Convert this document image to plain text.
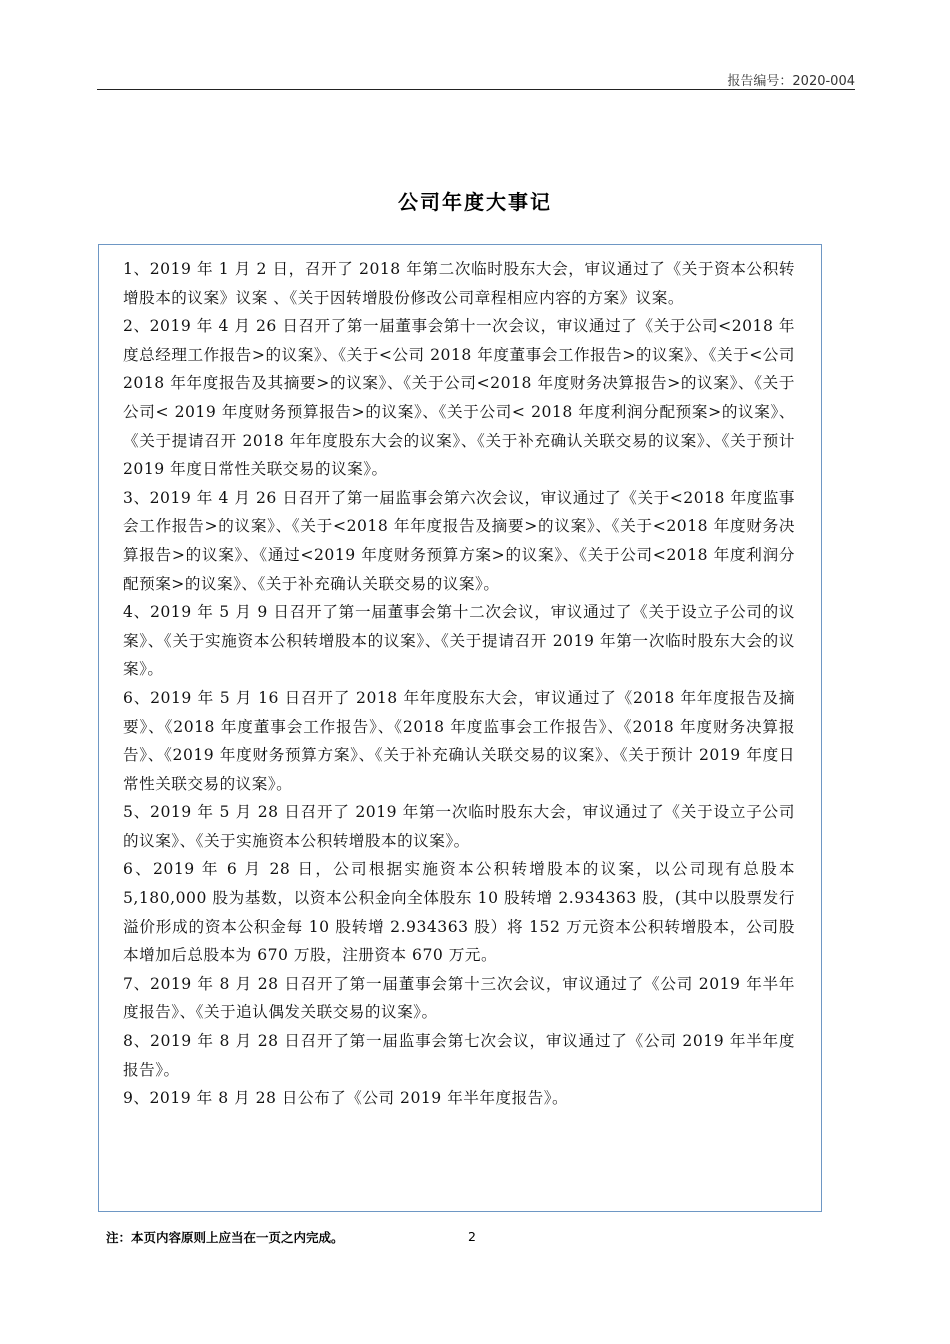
报告编号：2020-004
公司年度大事记

1、2019 年 1 月 2 日，召开了 2018 年第二次临时股东大会，审议通过了《关于资本公积转增股本的议案》议案 、《关于因转增股份修改公司章程相应内容的方案》议案。

2、2019 年 4 月 26 日召开了第一届董事会第十一次会议，审议通过了《关于公司<2018 年度总经理工作报告>的议案》、《关于<公司 2018 年度董事会工作报告>的议案》、《关于<公司 2018 年年度报告及其摘要>的议案》、《关于公司<2018 年度财务决算报告>的议案》、《关于公司< 2019 年度财务预算报告>的议案》、《关于公司< 2018 年度利润分配预案>的议案》、《关于提请召开 2018 年年度股东大会的议案》、《关于补充确认关联交易的议案》、《关于预计 2019 年度日常性关联交易的议案》。

3、2019 年 4 月 26 日召开了第一届监事会第六次会议，审议通过了《关于<2018 年度监事会工作报告>的议案》、《关于<2018 年年度报告及摘要>的议案》、《关于<2018 年度财务决算报告>的议案》、《通过<2019 年度财务预算方案>的议案》、《关于公司<2018 年度利润分配预案>的议案》、《关于补充确认关联交易的议案》。

4、2019 年 5 月 9 日召开了第一届董事会第十二次会议，审议通过了《关于设立子公司的议案》、《关于实施资本公积转增股本的议案》、《关于提请召开 2019 年第一次临时股东大会的议案》。

6、2019 年 5 月 16 日召开了 2018 年年度股东大会，审议通过了《2018 年年度报告及摘要》、《2018 年度董事会工作报告》、《2018 年度监事会工作报告》、《2018 年度财务决算报告》、《2019 年度财务预算方案》、《关于补充确认关联交易的议案》、《关于预计 2019 年度日常性关联交易的议案》。

5、2019 年 5 月 28 日召开了 2019 年第一次临时股东大会，审议通过了《关于设立子公司的议案》、《关于实施资本公积转增股本的议案》。

6、2019 年 6 月 28 日，公司根据实施资本公积转增股本的议案，以公司现有总股本 5,180,000 股为基数，以资本公积金向全体股东 10 股转增 2.934363 股，(其中以股票发行溢价形成的资本公积金每 10 股转增 2.934363 股）将 152 万元资本公积转增股本，公司股本增加后总股本为 670 万股，注册资本 670 万元。

7、2019 年 8 月 28 日召开了第一届董事会第十三次会议，审议通过了《公司 2019 年半年度报告》、《关于追认偶发关联交易的议案》。

8、2019 年 8 月 28 日召开了第一届监事会第七次会议，审议通过了《公司 2019 年半年度报告》。

9、2019 年 8 月 28 日公布了《公司 2019 年半年度报告》。

注：本页内容原则上应当在一页之内完成。	2
